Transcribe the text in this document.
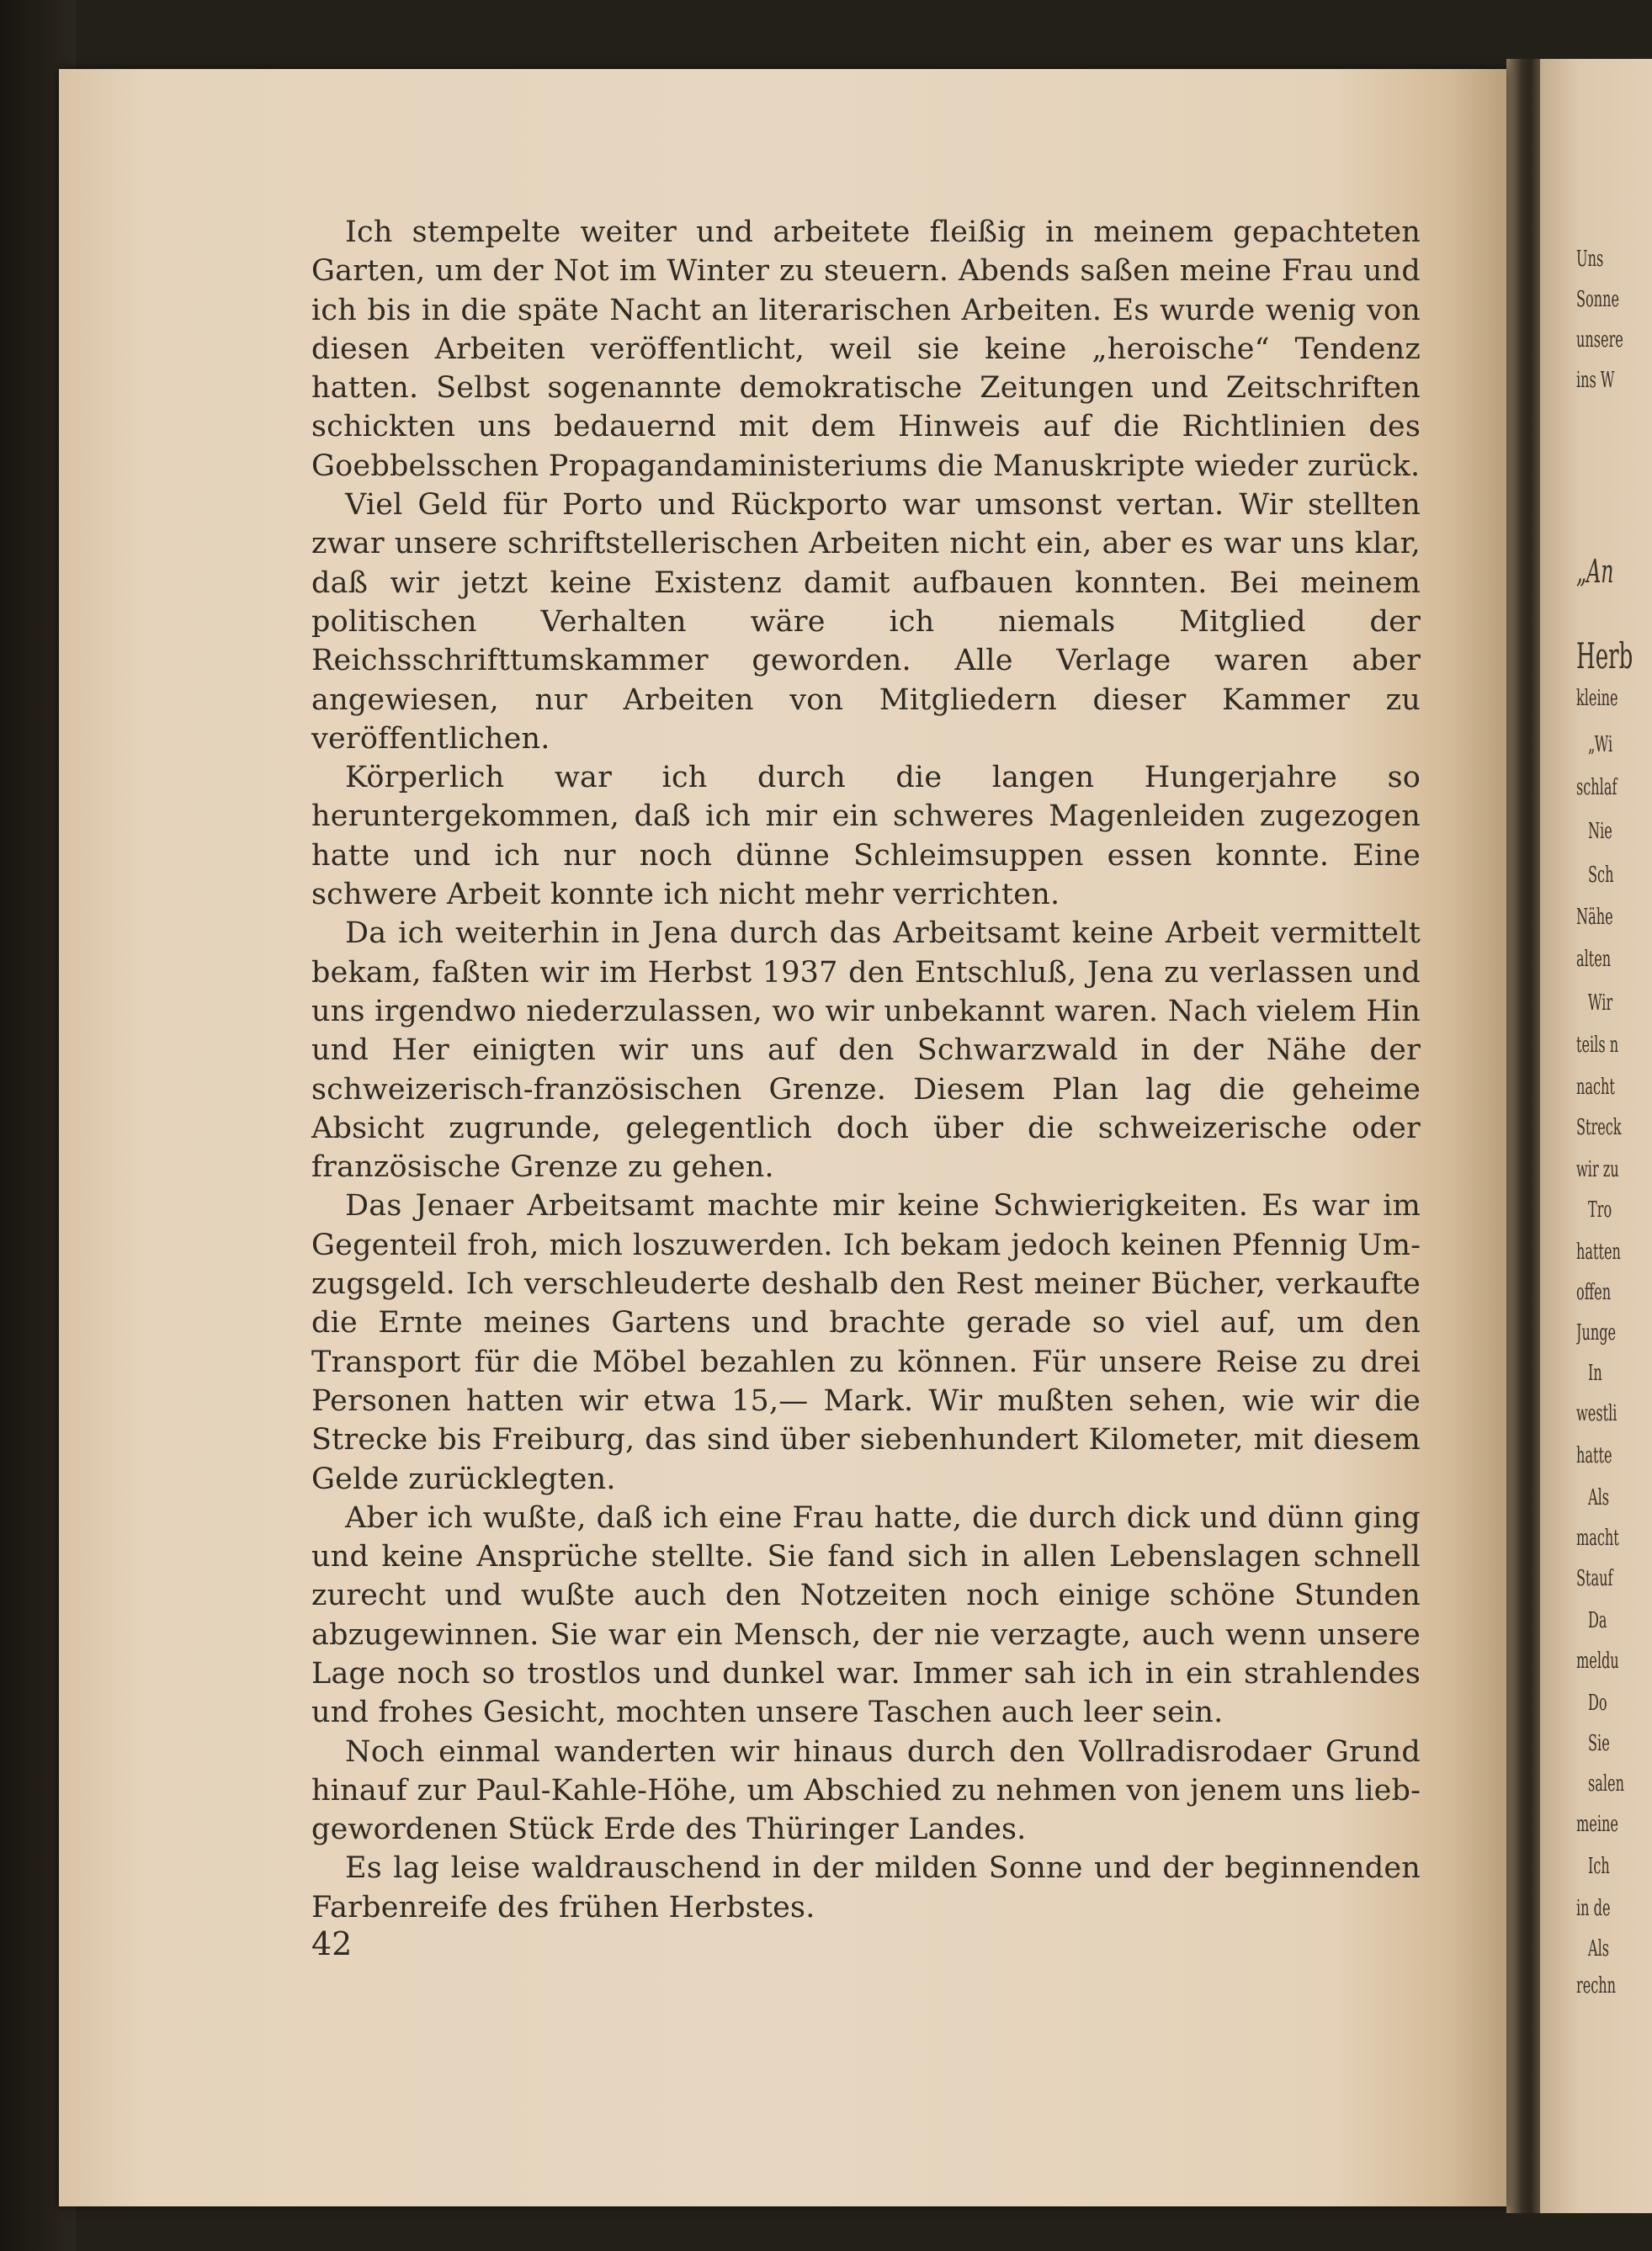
Ich stempelte weiter und arbeitete fleißig in meinem gepachteten Garten, um der Not im Winter zu steuern. Abends saßen meine Frau und ich bis in die späte Nacht an literarischen Arbeiten. Es wurde wenig von diesen Arbeiten veröffentlicht, weil sie keine „heroische“ Tendenz hatten. Selbst sogenannte demokratische Zeitungen und Zeitschriften schickten uns bedauernd mit dem Hinweis auf die Richtlinien des Goebbelsschen Propagandaministeriums die Manuskripte wieder zurück.

Viel Geld für Porto und Rückporto war umsonst vertan. Wir stellten zwar unsere schriftstellerischen Arbeiten nicht ein, aber es war uns klar, daß wir jetzt keine Existenz damit aufbauen konnten. Bei meinem politischen Verhalten wäre ich niemals Mitglied der Reichsschrifttumskammer geworden. Alle Verlage waren aber angewiesen, nur Arbeiten von Mitgliedern dieser Kammer zu veröffentlichen.

Körperlich war ich durch die langen Hungerjahre so heruntergekommen, daß ich mir ein schweres Magenleiden zugezogen hatte und ich nur noch dünne Schleimsuppen essen konnte. Eine schwere Arbeit konnte ich nicht mehr verrichten.

Da ich weiterhin in Jena durch das Arbeitsamt keine Arbeit vermittelt bekam, faßten wir im Herbst 1937 den Entschluß, Jena zu verlassen und uns irgendwo niederzulassen, wo wir unbekannt waren. Nach vielem Hin und Her einigten wir uns auf den Schwarzwald in der Nähe der schweizerisch-französischen Grenze. Diesem Plan lag die geheime Absicht zugrunde, gelegentlich doch über die schweizerische oder französische Grenze zu gehen.

Das Jenaer Arbeitsamt machte mir keine Schwierigkeiten. Es war im Gegenteil froh, mich loszuwerden. Ich bekam jedoch keinen Pfennig Umzugsgeld. Ich verschleuderte deshalb den Rest meiner Bücher, verkaufte die Ernte meines Gartens und brachte gerade so viel auf, um den Transport für die Möbel bezahlen zu können. Für unsere Reise zu drei Personen hatten wir etwa 15,— Mark. Wir mußten sehen, wie wir die Strecke bis Freiburg, das sind über siebenhundert Kilometer, mit diesem Gelde zurücklegten.

Aber ich wußte, daß ich eine Frau hatte, die durch dick und dünn ging und keine Ansprüche stellte. Sie fand sich in allen Lebenslagen schnell zurecht und wußte auch den Notzeiten noch einige schöne Stunden abzugewinnen. Sie war ein Mensch, der nie verzagte, auch wenn unsere Lage noch so trostlos und dunkel war. Immer sah ich in ein strahlendes und frohes Gesicht, mochten unsere Taschen auch leer sein.

Noch einmal wanderten wir hinaus durch den Vollradisrodaer Grund hinauf zur Paul-Kahle-Höhe, um Abschied zu nehmen von jenem uns liebgewordenen Stück Erde des Thüringer Landes.

Es lag leise waldrauschend in der milden Sonne und der beginnenden Farbenreife des frühen Herbstes.

42
Uns
Sonne
unsere
ins W
„An
Herb
kleine
„Wi
schlaf
Nie
Sch
Nähe
alten
Wir
teils n
nacht
Streck
wir zu
Tro
hatten
offen
Junge
In
westli
hatte
Als
macht
Stauf
Da
meldu
Do
Sie
salen
meine
Ich
in de
Als
rechn
